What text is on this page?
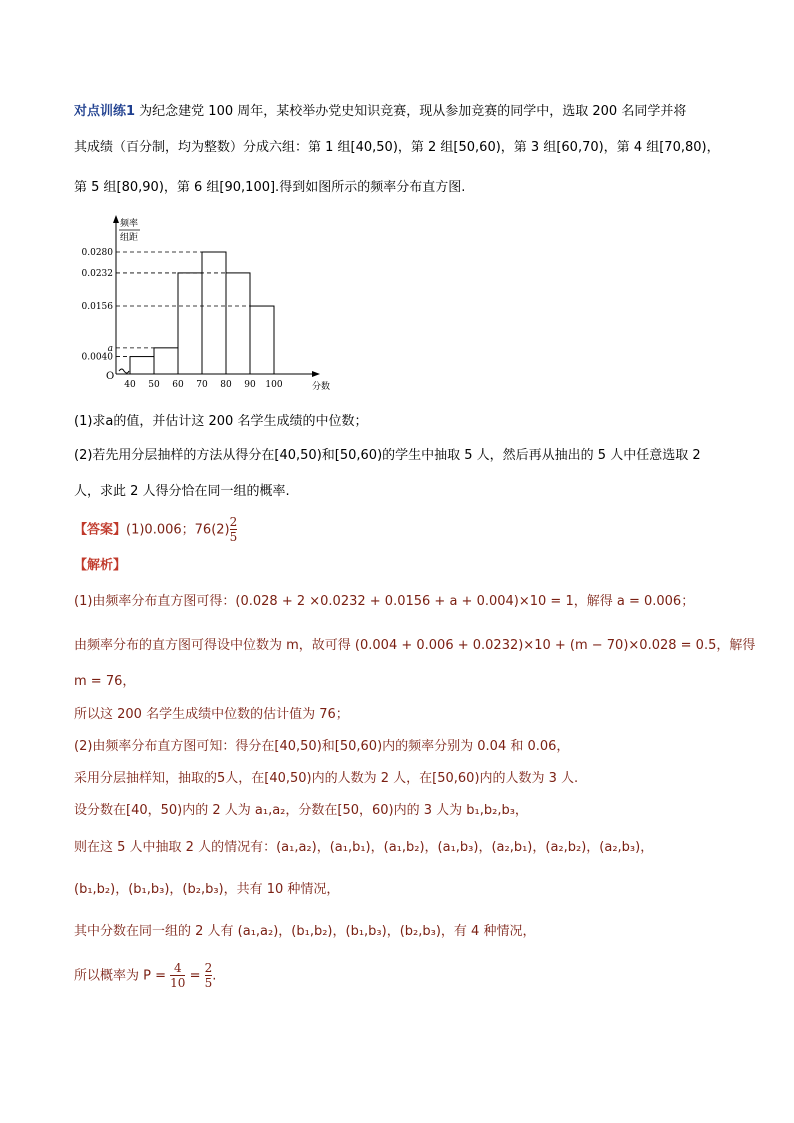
对点训练1 为纪念建党 100 周年，某校举办党史知识竞赛，现从参加竞赛的同学中，选取 200 名同学并将
其成绩（百分制，均为整数）分成六组：第 1 组[40,50)，第 2 组[50,60)，第 3 组[60,70)，第 4 组[70,80)，
第 5 组[80,90)，第 6 组[90,100].得到如图所示的频率分布直方图.
O
频率
组距
分数
0.0280
0.0232
0.0156
a
0.0040
40 50 60 70 80 90 100
(1)求a的值，并估计这 200 名学生成绩的中位数；
(2)若先用分层抽样的方法从得分在[40,50)和[50,60)的学生中抽取 5 人，然后再从抽出的 5 人中任意选取 2
人，求此 2 人得分恰在同一组的概率.
【答案】(1)0.006；$76(2) \frac{2}{5}$
【解析】
(1)由频率分布直方图可得：(0.028 + 2 ×0.0232 + 0.0156 + a + 0.004)×10 = 1，解得 a = 0.006；
由频率分布的直方图可得设中位数为 m，故可得 (0.004 + 0.006 + 0.0232)×10 + (m − 70)×0.028 = 0.5，解得
m = 76，
所以这 200 名学生成绩中位数的估计值为 76；
(2)由频率分布直方图可知：得分在[40,50)和[50,60)内的频率分别为 0.04 和 0.06，
采用分层抽样知，抽取的5人，在[40,50)内的人数为 2 人，在[50,60)内的人数为 3 人.
设分数在[40，50)内的 2 人为 a₁,a₂，分数在[50，60)内的 3 人为 b₁,b₂,b₃，
则在这 5 人中抽取 2 人的情况有：(a₁,a₂)，(a₁,b₁)，(a₁,b₂)，(a₁,b₃)，(a₂,b₁)，(a₂,b₂)，(a₂,b₃)，
(b₁,b₂)，(b₁,b₃)，(b₂,b₃)，共有 10 种情况，
其中分数在同一组的 2 人有 (a₁,a₂)，(b₁,b₂)，(b₁,b₃)，(b₂,b₃)，有 4 种情况，
所以概率为 $P = \frac{4}{10} = \frac{2}{5}$ .
